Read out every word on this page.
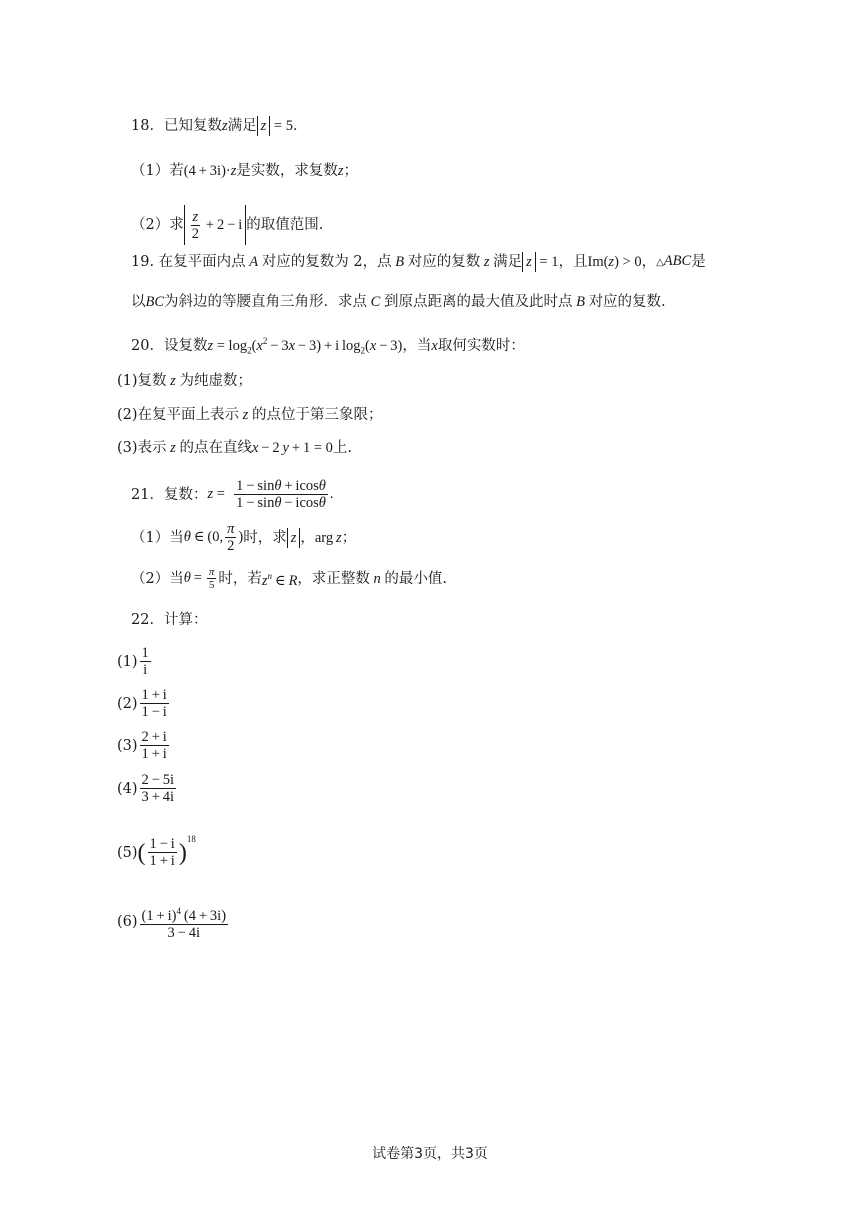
18．已知复数 z 满足 z = 5 ．
（1）若 (4 + 3i)·z 是实数，求复数 z ；
（2）求 $\frac{z}{2} + 2 - i$ 的取值范围.
19. 在复平面内点 A 对应的复数为 2，点 B 对应的复数 z 满足 z = 1 ，且 Im(z) > 0 ， △ABC 是
以 BC 为斜边的等腰直角三角形．求点 C 到原点距离的最大值及此时点 B 对应的复数.
20．设复数 $z = \log_2(x^2 - 3x - 3) + i$ $\log_2(x - 3)$ ，当 x 取何实数时：
(1)复数 z 为纯虚数；
(2)在复平面上表示 z 的点位于第三象限；
(3)表示 z 的点在直线 x − 2 y + 1 = 0 上.
21．复数： $z = \frac{1 - \sin\theta + icos\theta}{1 - \sin\theta - icos\theta}$ .
（1）当 θ ∈ (0, $\frac{\pi}{2}$ ) 时，求 z ， arg z ；
（2）当 $\theta = \frac{\pi}{5}$ 时，若 $z^n$ ∈ R ，求正整数 n 的最小值.
22．计算：
$(1) \frac{1}{i}$
$(2) \frac{1 + i}{1 - i}$
$(3) \frac{2 + i}{1 + i}$
$(4) \frac{2 - 5i}{3 + 4i}$
(5) ( $\frac{1 - i}{1 + i}$ )
$^{18}$
$(6) \frac{(1 + i)^4 (4 + 3i)}{3 - 4i}$
试卷第3页，共3页
